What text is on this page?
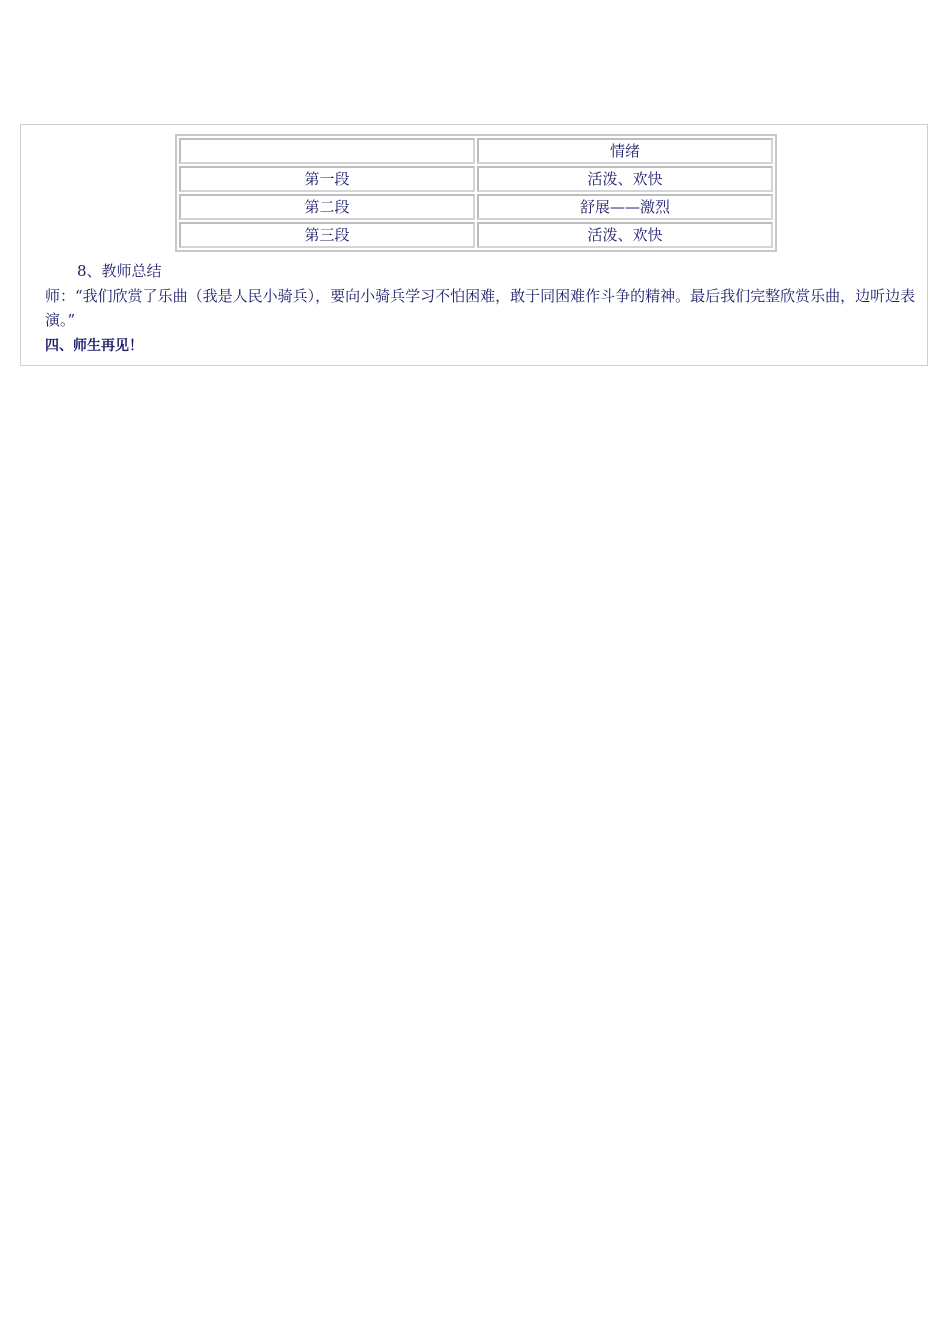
	情绪
第一段	活泼、欢快
第二段	舒展——激烈
第三段	活泼、欢快
8、教师总结
师：“我们欣赏了乐曲（我是人民小骑兵），要向小骑兵学习不怕困难，敢于同困难作斗争的精神。最后我们完整欣赏乐曲，边听边表演。”
四、师生再见！
